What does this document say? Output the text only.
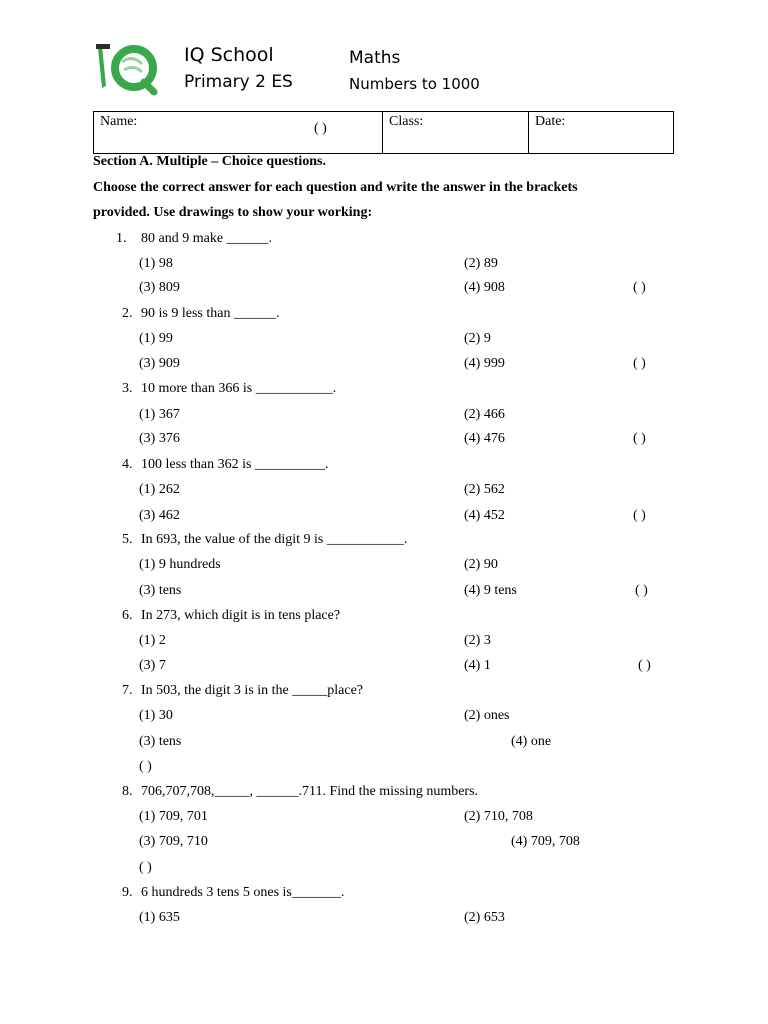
IQ
IQ School
Primary 2 ES
Maths
Numbers to 1000
Name:	( )	Class:	Date:
Section A. Multiple – Choice questions.
Choose the correct answer for each question and write the answer in the brackets
provided. Use drawings to show your working:
1. 80 and 9 make ______.
(1) 98	(2) 89
(3) 809	(4) 908	( )
2. 90 is 9 less than ______.
(1) 99	(2) 9
(3) 909	(4) 999	( )
3. 10 more than 366 is ___________.
(1) 367	(2) 466
(3) 376	(4) 476	( )
4. 100 less than 362 is __________.
(1) 262	(2) 562
(3) 462	(4) 452	( )
5. In 693, the value of the digit 9 is ___________.
(1) 9 hundreds	(2) 90
(3) tens	(4) 9 tens	( )
6. In 273, which digit is in tens place?
(1) 2	(2) 3
(3) 7	(4) 1	( )
7. In 503, the digit 3 is in the _____place?
(1) 30	(2) ones
(3) tens	(4) one
( )
8. 706,707,708,_____, ______.711. Find the missing numbers.
(1) 709, 701	(2) 710, 708
(3) 709, 710	(4) 709, 708
( )
9. 6 hundreds 3 tens 5 ones is_______.
(1) 635	(2) 653
